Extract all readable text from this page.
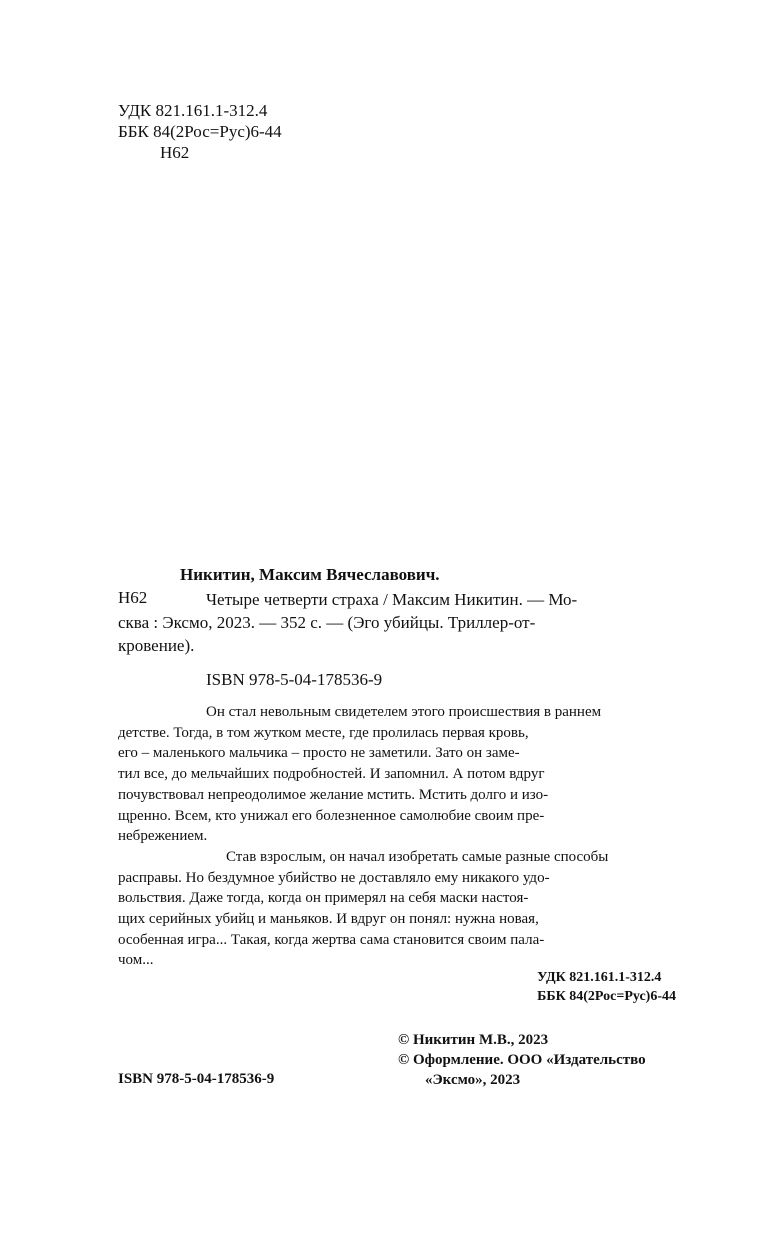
УДК 821.161.1-312.4
ББК 84(2Рос=Рус)6-44
Н62
Никитин, Максим Вячеславович.
Н62	Четыре четверти страха / Максим Никитин. — Мо-
сква : Эксмо, 2023. — 352 с. — (Эго убийцы. Триллер-от-
кровение).
ISBN 978-5-04-178536-9
Он стал невольным свидетелем этого происшествия в раннем
детстве. Тогда, в том жутком месте, где пролилась первая кровь,
его – маленького мальчика – просто не заметили. Зато он заме-
тил все, до мельчайших подробностей. И запомнил. А потом вдруг
почувствовал непреодолимое желание мстить. Мстить долго и изо-
щренно. Всем, кто унижал его болезненное самолюбие своим пре-
небрежением.
Став взрослым, он начал изобретать самые разные способы
расправы. Но бездумное убийство не доставляло ему никакого удо-
вольствия. Даже тогда, когда он примерял на себя маски настоя-
щих серийных убийц и маньяков. И вдруг он понял: нужна новая,
особенная игра... Такая, когда жертва сама становится своим пала-
чом...
УДК 821.161.1-312.4
ББК 84(2Рос=Рус)6-44
© Никитин М.В., 2023
© Оформление. ООО «Издательство
«Эксмо», 2023
ISBN 978-5-04-178536-9
